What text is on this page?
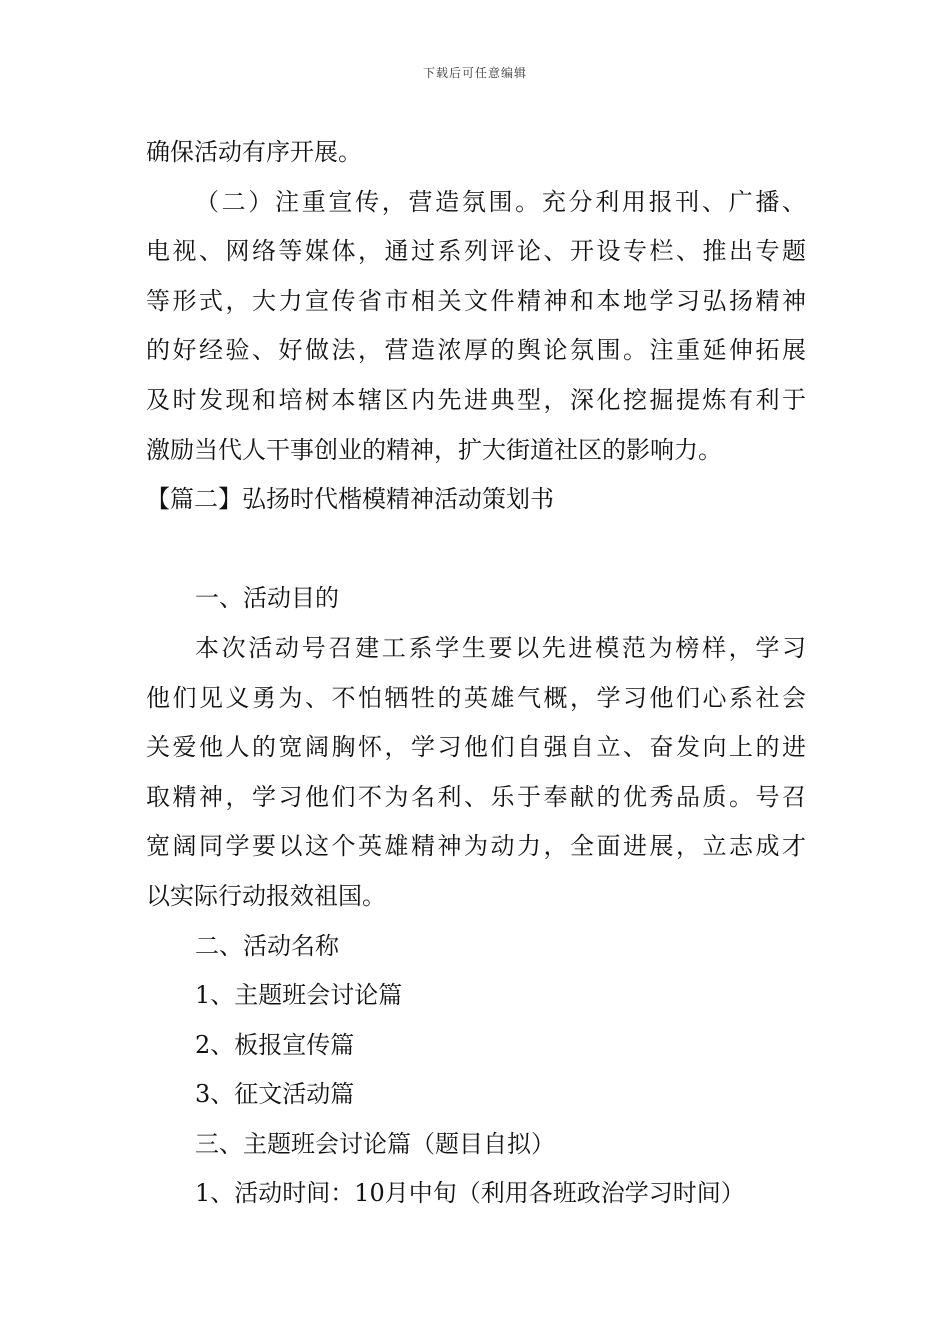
下载后可任意编辑
确保活动有序开展。
（二）注重宣传，营造氛围。充分利用报刊、广播、
电视、网络等媒体，通过系列评论、开设专栏、推出专题
等形式，大力宣传省市相关文件精神和本地学习弘扬精神
的好经验、好做法，营造浓厚的舆论氛围。注重延伸拓展
及时发现和培树本辖区内先进典型，深化挖掘提炼有利于
激励当代人干事创业的精神，扩大街道社区的影响力。
【篇二】弘扬时代楷模精神活动策划书
一、活动目的
本次活动号召建工系学生要以先进模范为榜样，学习
他们见义勇为、不怕牺牲的英雄气概，学习他们心系社会
关爱他人的宽阔胸怀，学习他们自强自立、奋发向上的进
取精神，学习他们不为名利、乐于奉献的优秀品质。号召
宽阔同学要以这个英雄精神为动力，全面进展，立志成才
以实际行动报效祖国。
二、活动名称
1、主题班会讨论篇
2、板报宣传篇
3、征文活动篇
三、主题班会讨论篇（题目自拟）
1、活动时间：10月中旬（利用各班政治学习时间）
